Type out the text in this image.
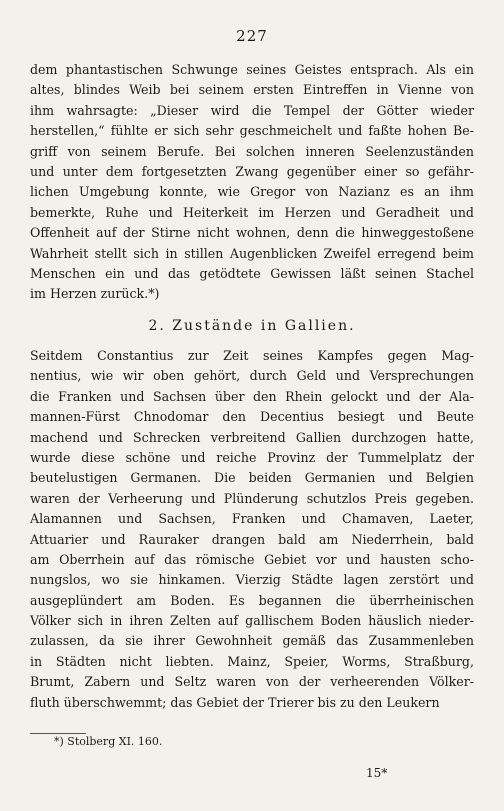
227
dem phantastischen Schwunge seines Geistes entsprach. Als ein
altes, blindes Weib bei seinem ersten Eintreffen in Vienne von
ihm wahrsagte: „Dieser wird die Tempel der Götter wieder
herstellen,“ fühlte er sich sehr geschmeichelt und faßte hohen Be-
griff von seinem Berufe. Bei solchen inneren Seelenzuständen
und unter dem fortgesetzten Zwang gegenüber einer so gefähr-
lichen Umgebung konnte, wie Gregor von Nazianz es an ihm
bemerkte, Ruhe und Heiterkeit im Herzen und Geradheit und
Offenheit auf der Stirne nicht wohnen, denn die hinweggestoßene
Wahrheit stellt sich in stillen Augenblicken Zweifel erregend beim
Menschen ein und das getödtete Gewissen läßt seinen Stachel
im Herzen zurück.*)
2. Zustände in Gallien.
Seitdem Constantius zur Zeit seines Kampfes gegen Mag-
nentius, wie wir oben gehört, durch Geld und Versprechungen
die Franken und Sachsen über den Rhein gelockt und der Ala-
mannen-Fürst Chnodomar den Decentius besiegt und Beute
machend und Schrecken verbreitend Gallien durchzogen hatte,
wurde diese schöne und reiche Provinz der Tummelplatz der
beutelustigen Germanen. Die beiden Germanien und Belgien
waren der Verheerung und Plünderung schutzlos Preis gegeben.
Alamannen und Sachsen, Franken und Chamaven, Laeter,
Attuarier und Rauraker drangen bald am Niederrhein, bald
am Oberrhein auf das römische Gebiet vor und hausten scho-
nungslos, wo sie hinkamen. Vierzig Städte lagen zerstört und
ausgeplündert am Boden. Es begannen die überrheinischen
Völker sich in ihren Zelten auf gallischem Boden häuslich nieder-
zulassen, da sie ihrer Gewohnheit gemäß das Zusammenleben
in Städten nicht liebten. Mainz, Speier, Worms, Straßburg,
Brumt, Zabern und Seltz waren von der verheerenden Völker-
fluth überschwemmt; das Gebiet der Trierer bis zu den Leukern
*) Stolberg XI. 160.
15*
